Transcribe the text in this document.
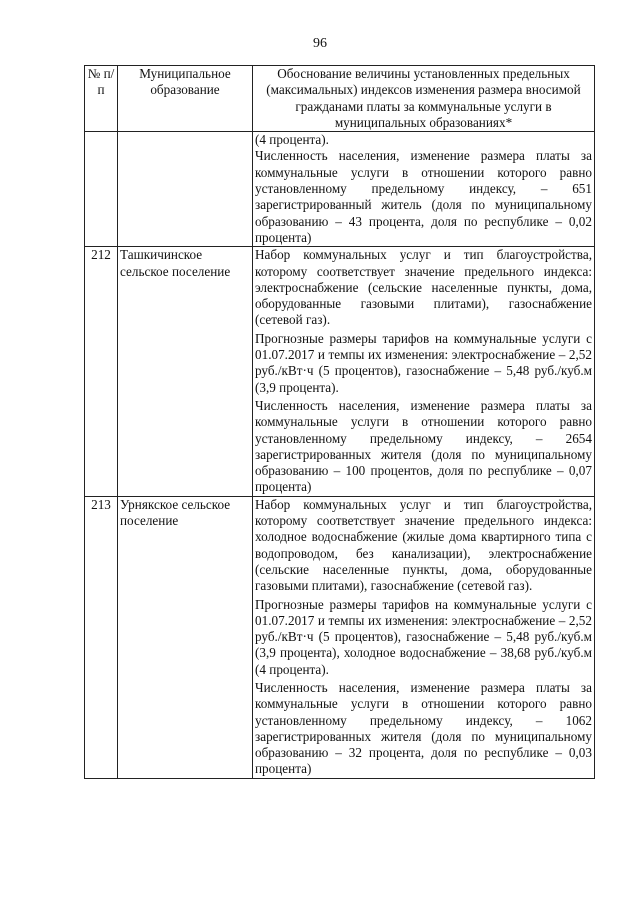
96
№ п/п	Муниципальное образование	Обоснование величины установленных предельных (максимальных) индексов изменения размера вносимой гражданами платы за коммунальные услуги в муниципальных образованиях*

		(4 процента).

Численность населения, изменение размера платы за коммунальные услуги в отношении которого равно установленному предельному индексу, – 651 зарегистрированный житель (доля по муниципальному образованию – 43 процента, доля по республике – 0,02 процента)

212	Ташкичинское сельское поселение	Набор коммунальных услуг и тип благоустройства, которому соответствует значение предельного индекса: электроснабжение (сельские населенные пункты, дома, оборудованные газовыми плитами), газоснабжение (сетевой газ).

Прогнозные размеры тарифов на коммунальные услуги с 01.07.2017 и темпы их изменения: электроснабжение – 2,52 руб./кВт·ч (5 процентов), газоснабжение – 5,48 руб./куб.м (3,9 процента).

Численность населения, изменение размера платы за коммунальные услуги в отношении которого равно установленному предельному индексу, – 2654 зарегистрированных жителя (доля по муниципальному образованию – 100 процентов, доля по республике – 0,07 процента)

213	Урнякское сельское поселение	Набор коммунальных услуг и тип благоустройства, которому соответствует значение предельного индекса: холодное водоснабжение (жилые дома квартирного типа с водопроводом, без канализации), электроснабжение (сельские населенные пункты, дома, оборудованные газовыми плитами), газоснабжение (сетевой газ).

Прогнозные размеры тарифов на коммунальные услуги с 01.07.2017 и темпы их изменения: электроснабжение – 2,52 руб./кВт·ч (5 процентов), газоснабжение – 5,48 руб./куб.м (3,9 процента), холодное водоснабжение – 38,68 руб./куб.м (4 процента).

Численность населения, изменение размера платы за коммунальные услуги в отношении которого равно установленному предельному индексу, – 1062 зарегистрированных жителя (доля по муниципальному образованию – 32 процента, доля по республике – 0,03 процента)
